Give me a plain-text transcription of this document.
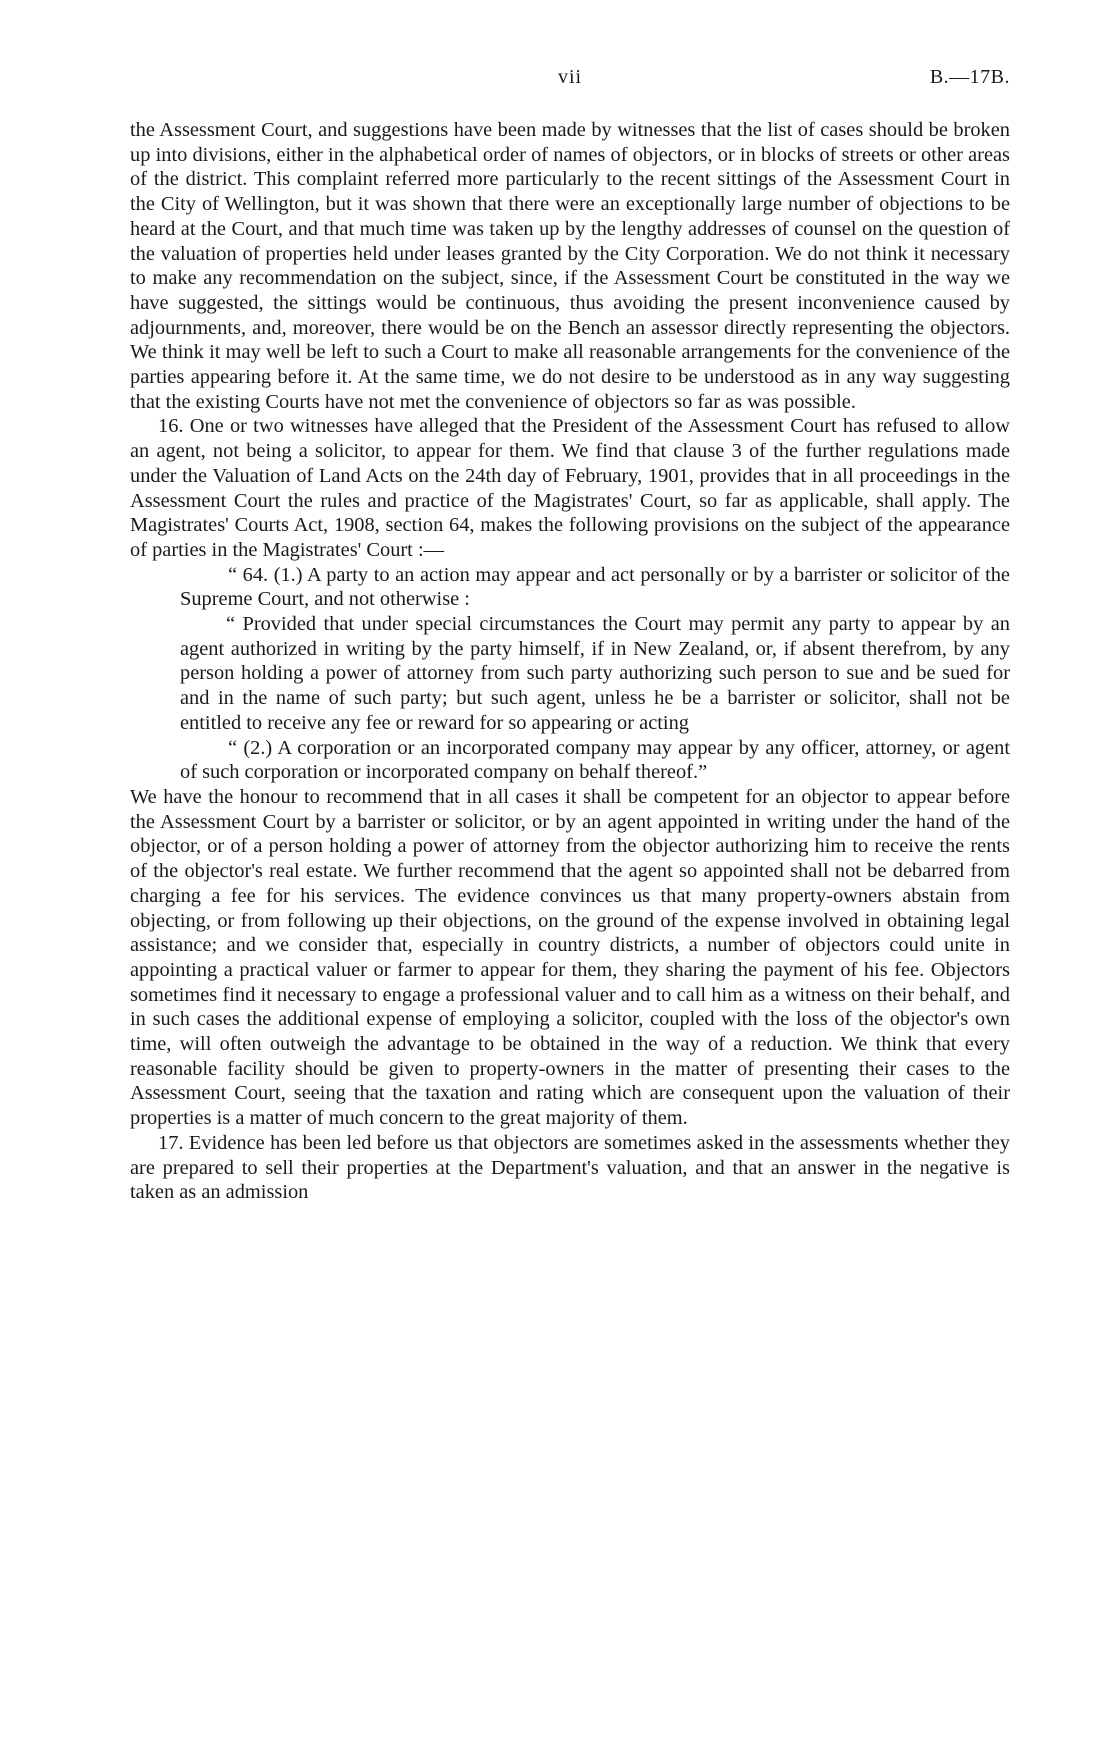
vii	B.—17B.

the Assessment Court, and suggestions have been made by witnesses that the list of cases should be broken up into divisions, either in the alphabetical order of names of objectors, or in blocks of streets or other areas of the district. This complaint referred more particularly to the recent sittings of the Assessment Court in the City of Wellington, but it was shown that there were an exceptionally large number of objections to be heard at the Court, and that much time was taken up by the lengthy addresses of counsel on the question of the valuation of properties held under leases granted by the City Corporation. We do not think it necessary to make any recommendation on the subject, since, if the Assessment Court be constituted in the way we have suggested, the sittings would be continuous, thus avoiding the present inconvenience caused by adjournments, and, moreover, there would be on the Bench an assessor directly representing the objectors. We think it may well be left to such a Court to make all reasonable arrangements for the convenience of the parties appearing before it. At the same time, we do not desire to be understood as in any way suggesting that the existing Courts have not met the convenience of objectors so far as was possible.

16. One or two witnesses have alleged that the President of the Assessment Court has refused to allow an agent, not being a solicitor, to appear for them. We find that clause 3 of the further regulations made under the Valuation of Land Acts on the 24th day of February, 1901, provides that in all proceedings in the Assessment Court the rules and practice of the Magistrates' Court, so far as applicable, shall apply. The Magistrates' Courts Act, 1908, section 64, makes the following provisions on the subject of the appearance of parties in the Magistrates' Court :—

“ 64. (1.) A party to an action may appear and act personally or by a barrister or solicitor of the Supreme Court, and not otherwise :

“ Provided that under special circumstances the Court may permit any party to appear by an agent authorized in writing by the party himself, if in New Zealand, or, if absent therefrom, by any person holding a power of attorney from such party authorizing such person to sue and be sued for and in the name of such party; but such agent, unless he be a barrister or solicitor, shall not be entitled to receive any fee or reward for so appearing or acting

“ (2.) A corporation or an incorporated company may appear by any officer, attorney, or agent of such corporation or incorporated company on behalf thereof.”

We have the honour to recommend that in all cases it shall be competent for an objector to appear before the Assessment Court by a barrister or solicitor, or by an agent appointed in writing under the hand of the objector, or of a person holding a power of attorney from the objector authorizing him to receive the rents of the objector's real estate. We further recommend that the agent so appointed shall not be debarred from charging a fee for his services. The evidence convinces us that many property-owners abstain from objecting, or from following up their objections, on the ground of the expense involved in obtaining legal assistance; and we consider that, especially in country districts, a number of objectors could unite in appointing a practical valuer or farmer to appear for them, they sharing the payment of his fee. Objectors sometimes find it necessary to engage a professional valuer and to call him as a witness on their behalf, and in such cases the additional expense of employing a solicitor, coupled with the loss of the objector's own time, will often outweigh the advantage to be obtained in the way of a reduction. We think that every reasonable facility should be given to property-owners in the matter of presenting their cases to the Assessment Court, seeing that the taxation and rating which are consequent upon the valuation of their properties is a matter of much concern to the great majority of them.

17. Evidence has been led before us that objectors are sometimes asked in the assessments whether they are prepared to sell their properties at the Department's valuation, and that an answer in the negative is taken as an admission
